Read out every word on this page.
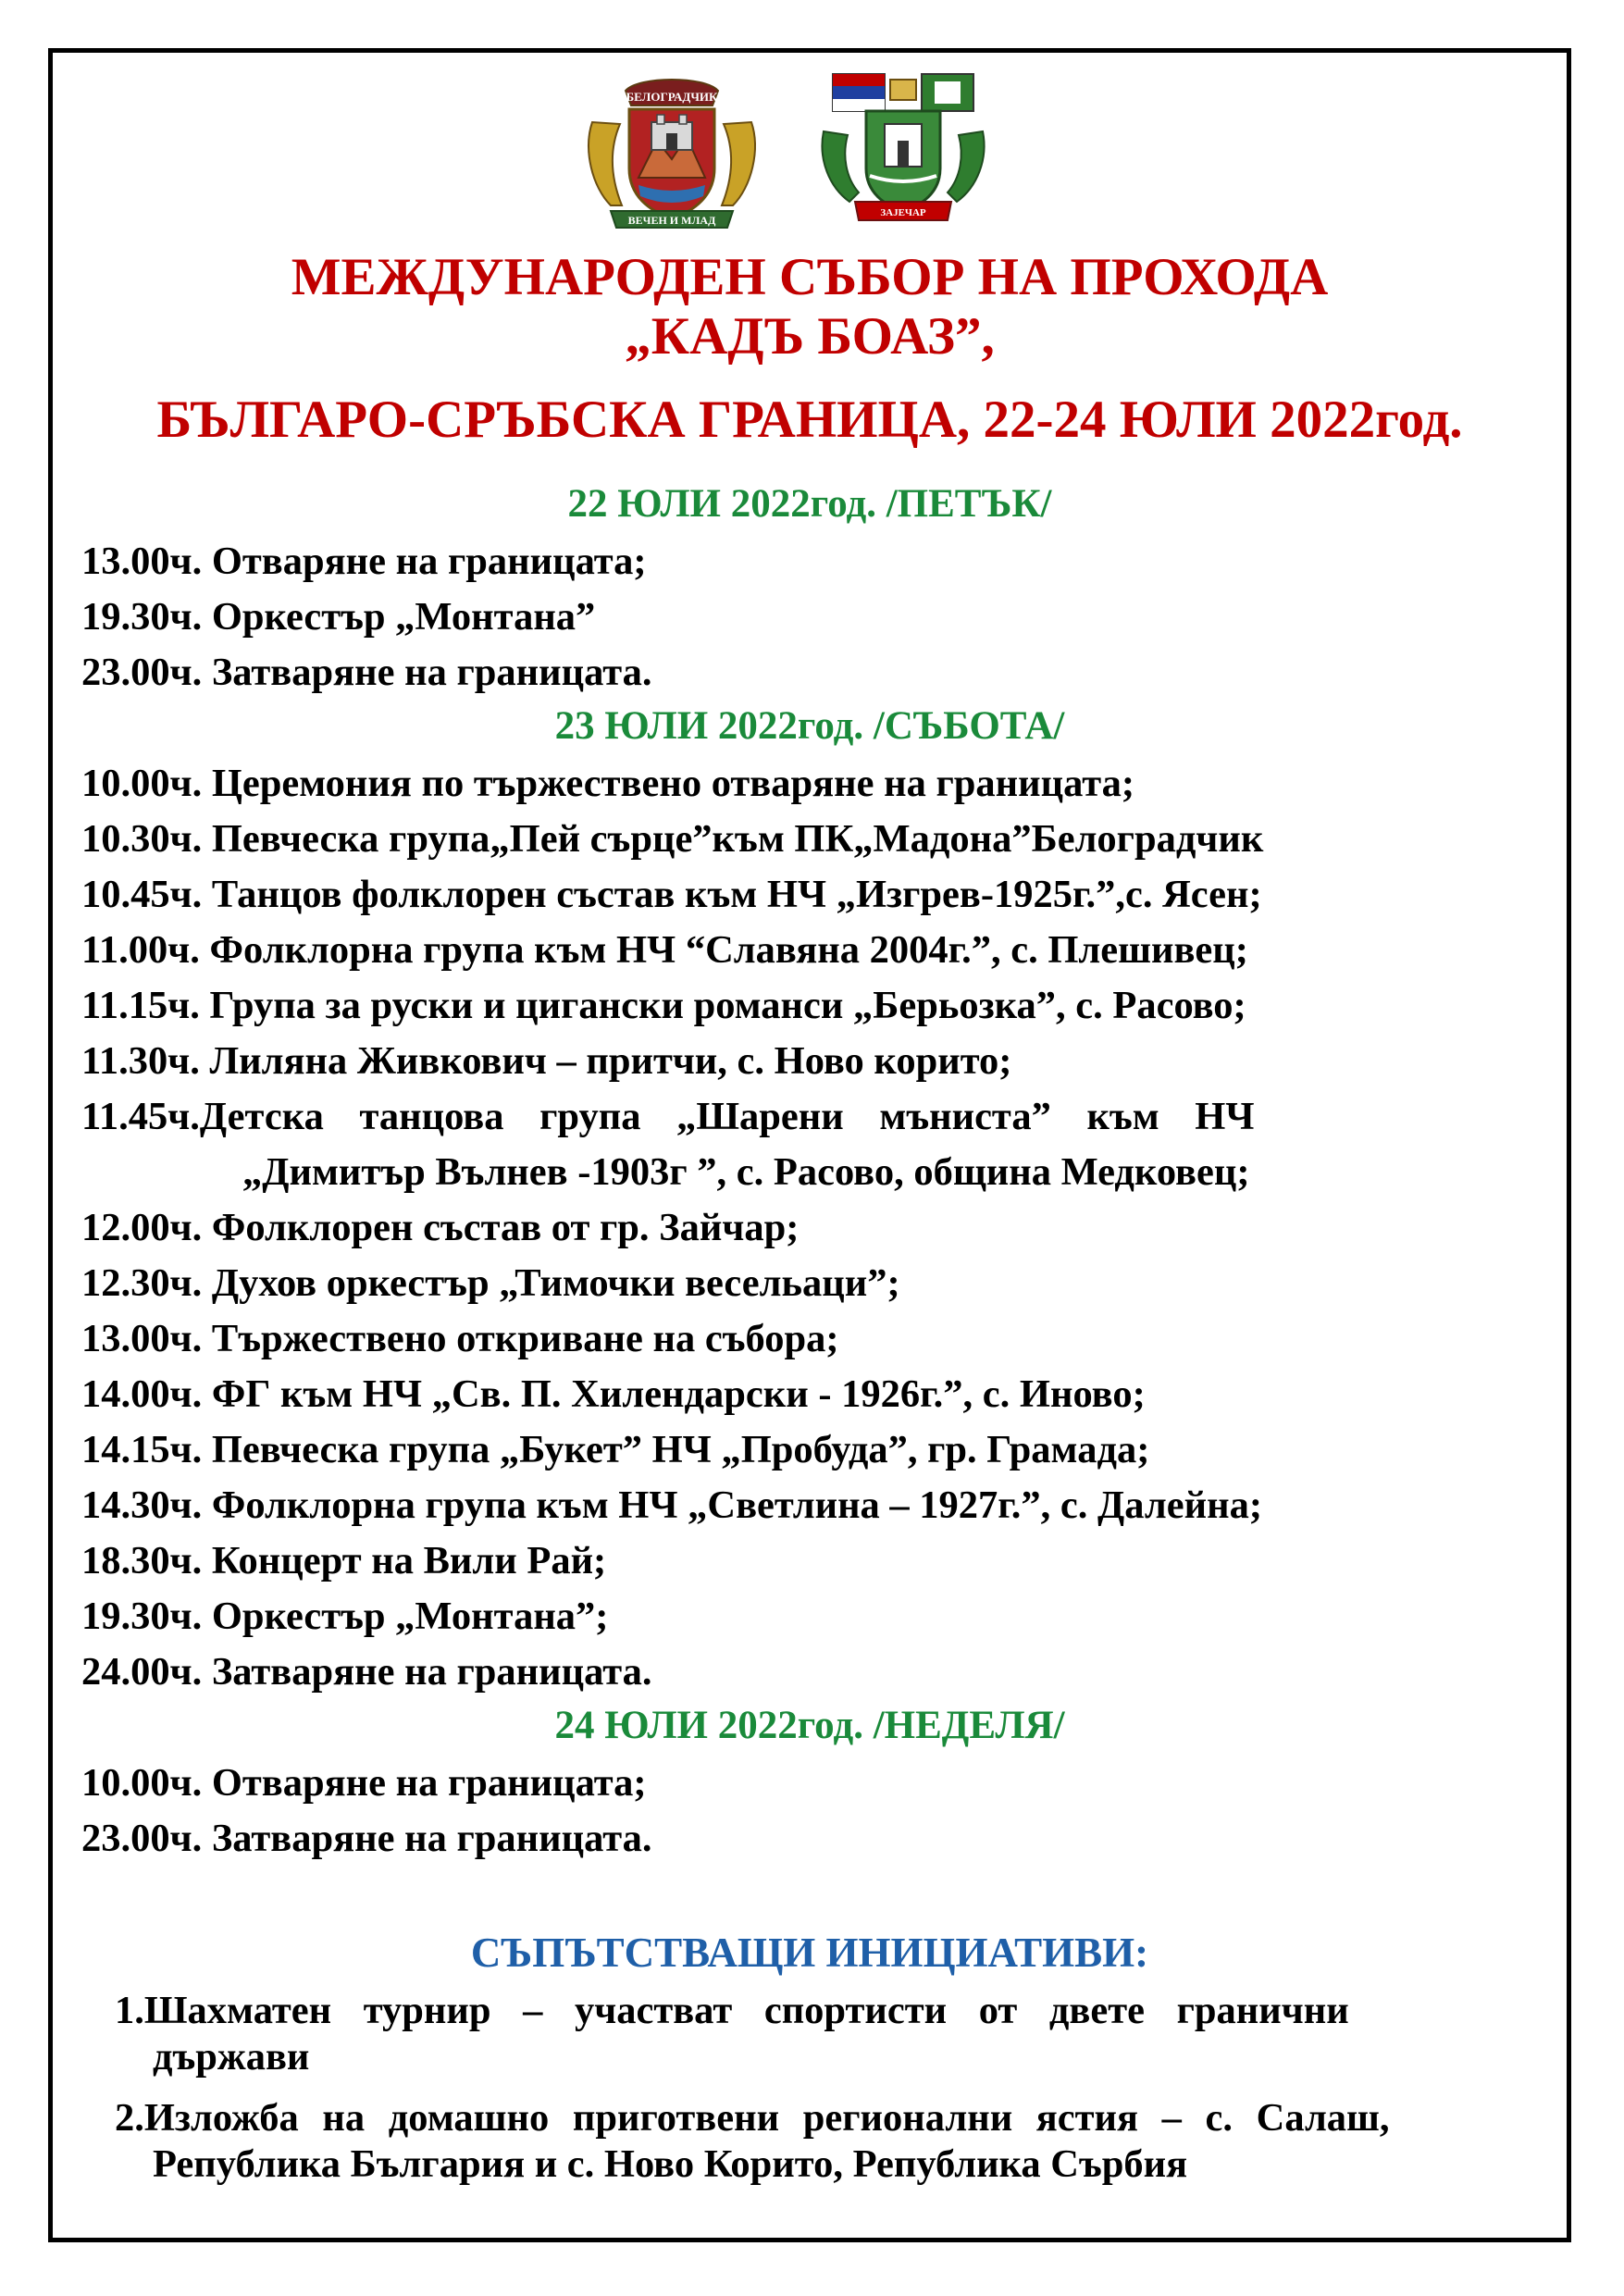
БЕЛОГРАДЧИК
ВЕЧЕН И МЛАД
ЗАЈЕЧАР
МЕЖДУНАРОДЕН СЪБОР НА ПРОХОДА
„КАДЪ БОАЗ”,
БЪЛГАРО-СРЪБСКА ГРАНИЦА, 22-24 ЮЛИ 2022год.
22 ЮЛИ 2022год. /ПЕТЪК/
13.00ч. Отваряне на границата;
19.30ч. Оркестър „Монтана”
23.00ч. Затваряне на границата.
23 ЮЛИ 2022год. /СЪБОТА/
10.00ч. Церемония по тържествено отваряне на границата;
10.30ч. Певческа група„Пей сърце”към ПК„Мадона”Белоградчик
10.45ч. Танцов фолклорен състав към НЧ „Изгрев-1925г.”,с. Ясен;
11.00ч. Фолклорна група към НЧ “Славяна 2004г.”, с. Плешивец;
11.15ч. Група за руски и цигански романси „Берьозка”, с. Расово;
11.30ч. Лиляна Живкович – притчи, с. Ново корито;
11.45ч.Детска танцова група „Шарени мъниста” към НЧ
„Димитър Вълнев -1903г ”, с. Расово, община Медковец;
12.00ч. Фолклорен състав от гр. Зайчар;
12.30ч. Духов оркестър „Тимочки весельаци”;
13.00ч. Тържествено откриване на събора;
14.00ч. ФГ към НЧ „Св. П. Хилендарски - 1926г.”, с. Иново;
14.15ч. Певческа група „Букет” НЧ „Пробуда”, гр. Грамада;
14.30ч. Фолклорна група към НЧ „Светлина – 1927г.”, с. Далейна;
18.30ч. Концерт на Вили Рай;
19.30ч. Оркестър „Монтана”;
24.00ч. Затваряне на границата.
24 ЮЛИ 2022год. /НЕДЕЛЯ/
10.00ч. Отваряне на границата;
23.00ч. Затваряне на границата.
СЪПЪТСТВАЩИ ИНИЦИАТИВИ:
1.Шахматен турнир – участват спортисти от двете гранични
държави
2.Изложба на домашно приготвени регионални ястия – с. Салаш,
Република България и с. Ново Корито, Република Сърбия
